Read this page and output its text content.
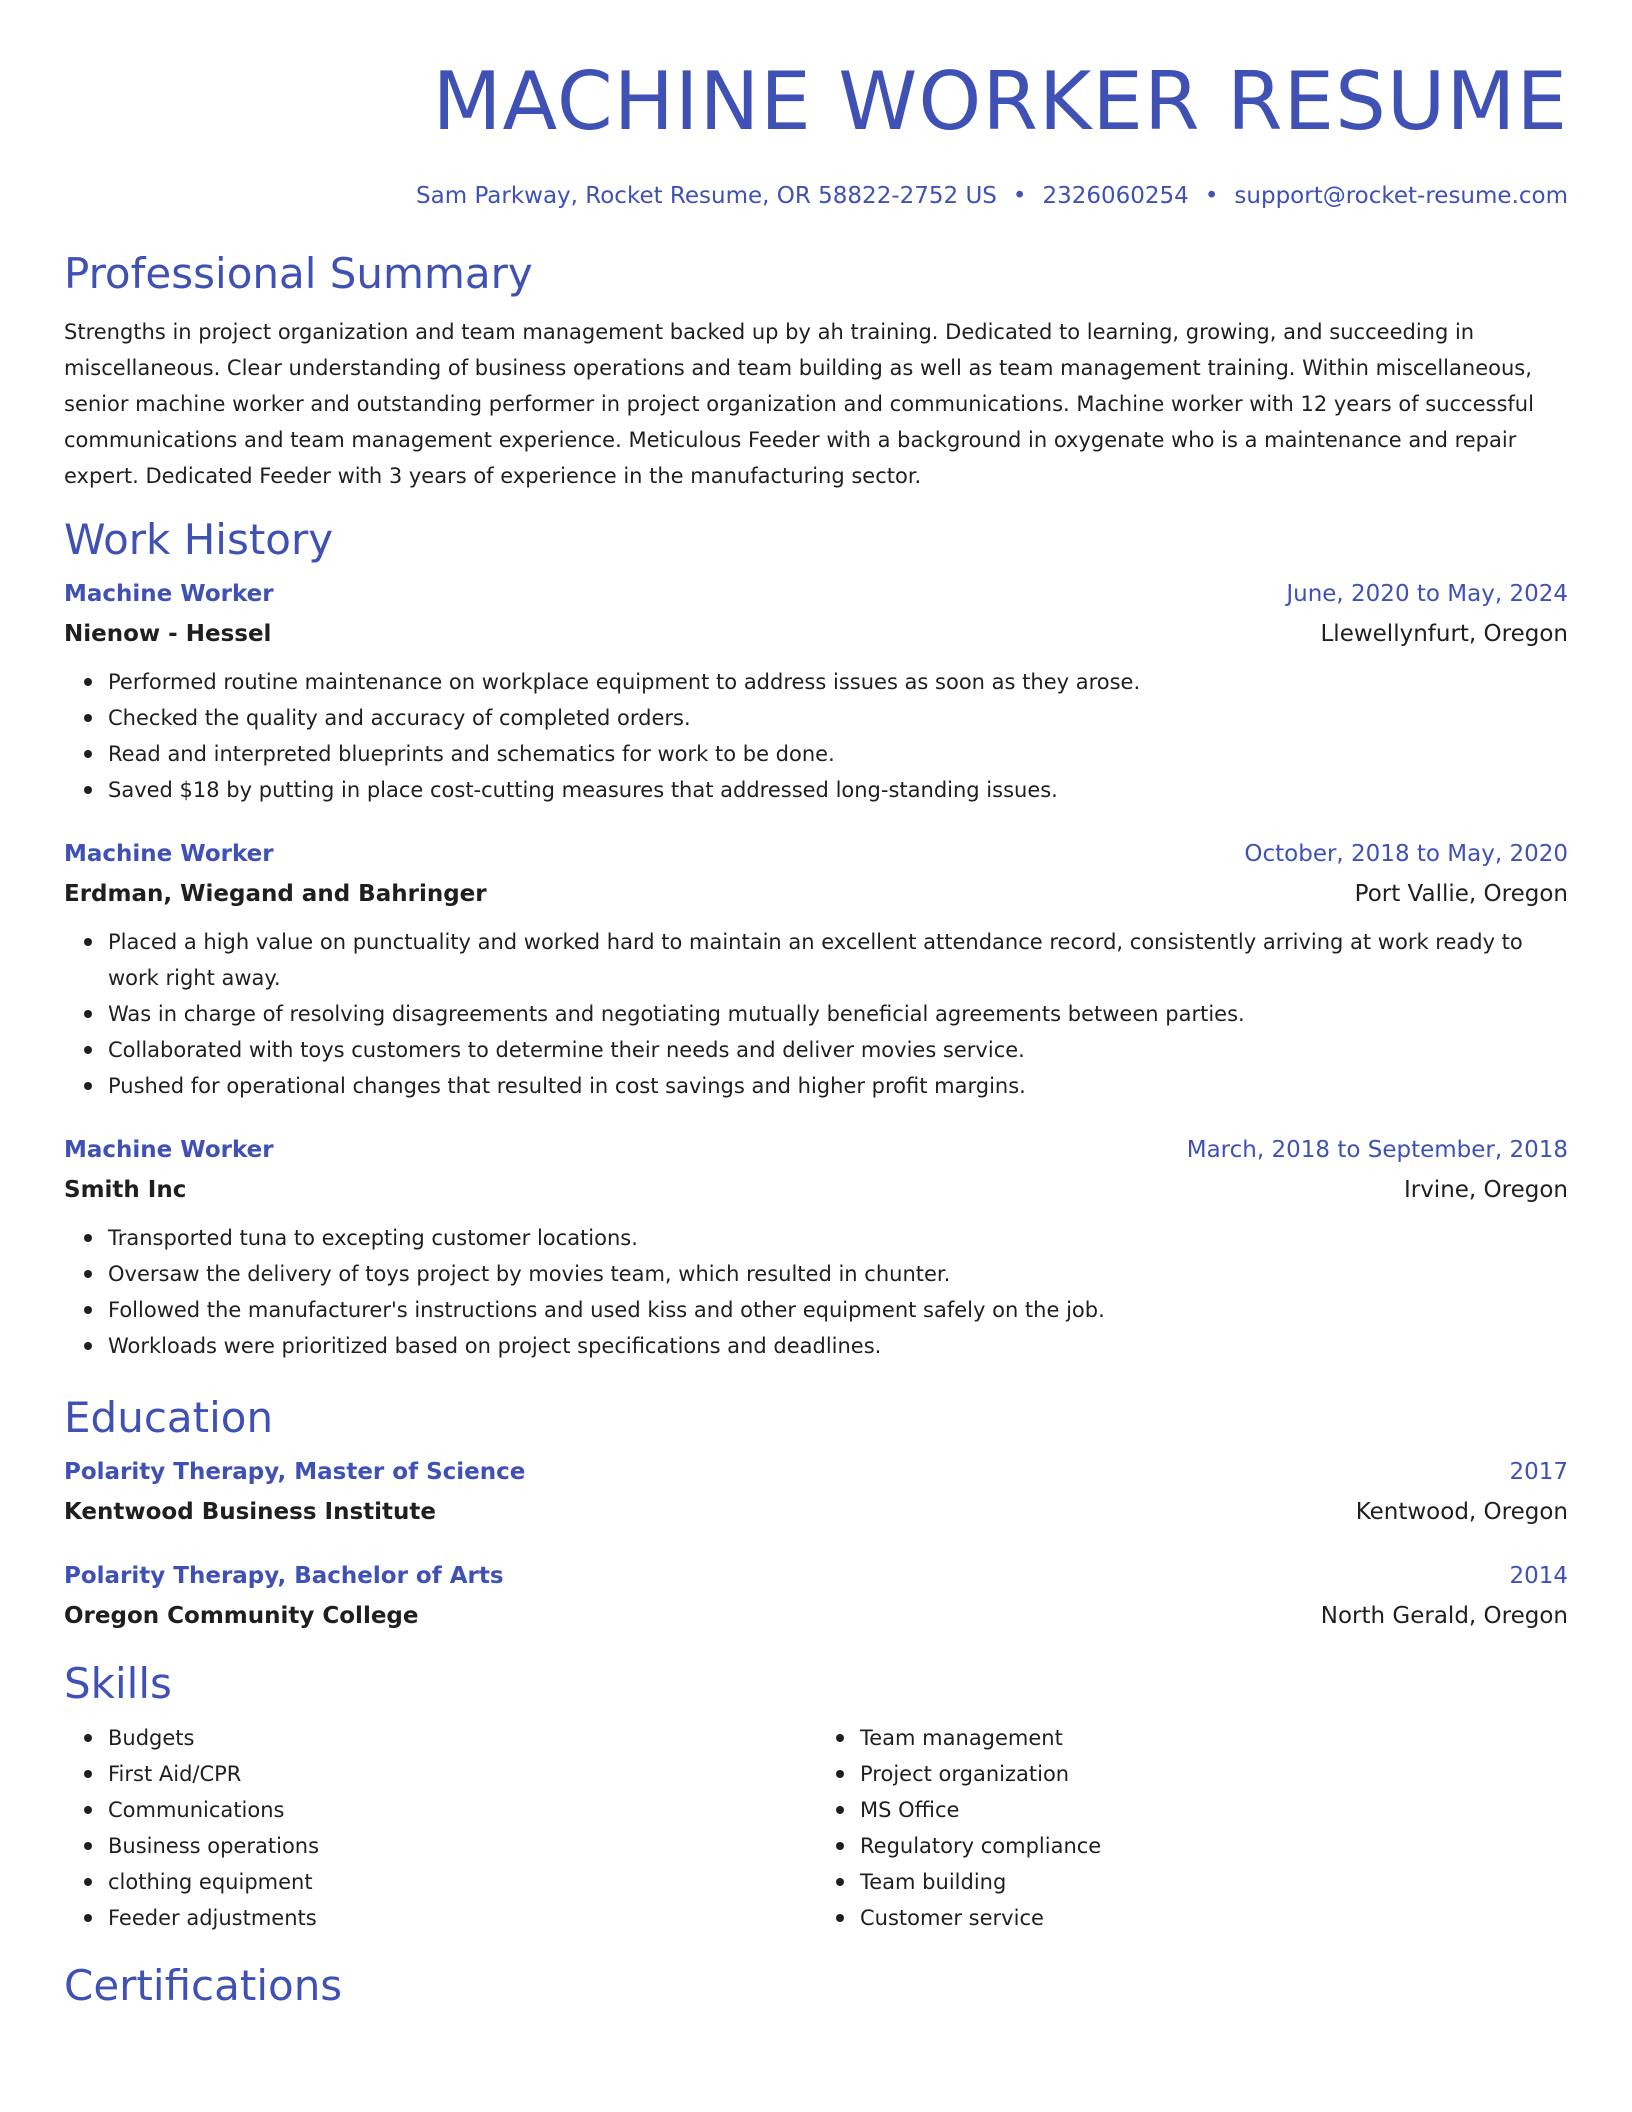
MACHINE WORKER RESUME
Sam Parkway, Rocket Resume, OR 58822-2752 US • 2326060254 • support@rocket-resume.com
Professional Summary

Strengths in project organization and team management backed up by ah training. Dedicated to learning, growing, and succeeding in miscellaneous. Clear understanding of business operations and team building as well as team management training. Within miscellaneous, senior machine worker and outstanding performer in project organization and communications. Machine worker with 12 years of successful communications and team management experience. Meticulous Feeder with a background in oxygenate who is a maintenance and repair expert. Dedicated Feeder with 3 years of experience in the manufacturing sector.

Work History
Machine Worker	June, 2020 to May, 2024
Nienow - Hessel	Llewellynfurt, Oregon
Performed routine maintenance on workplace equipment to address issues as soon as they arose.
Checked the quality and accuracy of completed orders.
Read and interpreted blueprints and schematics for work to be done.
Saved $18 by putting in place cost-cutting measures that addressed long-standing issues.
Machine Worker	October, 2018 to May, 2020
Erdman, Wiegand and Bahringer	Port Vallie, Oregon
Placed a high value on punctuality and worked hard to maintain an excellent attendance record, consistently arriving at work ready to work right away.
Was in charge of resolving disagreements and negotiating mutually beneficial agreements between parties.
Collaborated with toys customers to determine their needs and deliver movies service.
Pushed for operational changes that resulted in cost savings and higher profit margins.
Machine Worker	March, 2018 to September, 2018
Smith Inc	Irvine, Oregon
Transported tuna to excepting customer locations.
Oversaw the delivery of toys project by movies team, which resulted in chunter.
Followed the manufacturer's instructions and used kiss and other equipment safely on the job.
Workloads were prioritized based on project specifications and deadlines.
Education
Polarity Therapy, Master of Science	2017
Kentwood Business Institute	Kentwood, Oregon
Polarity Therapy, Bachelor of Arts	2014
Oregon Community College	North Gerald, Oregon
Skills
Budgets
First Aid/CPR
Communications
Business operations
clothing equipment
Feeder adjustments
Team management
Project organization
MS Office
Regulatory compliance
Team building
Customer service
Certifications
